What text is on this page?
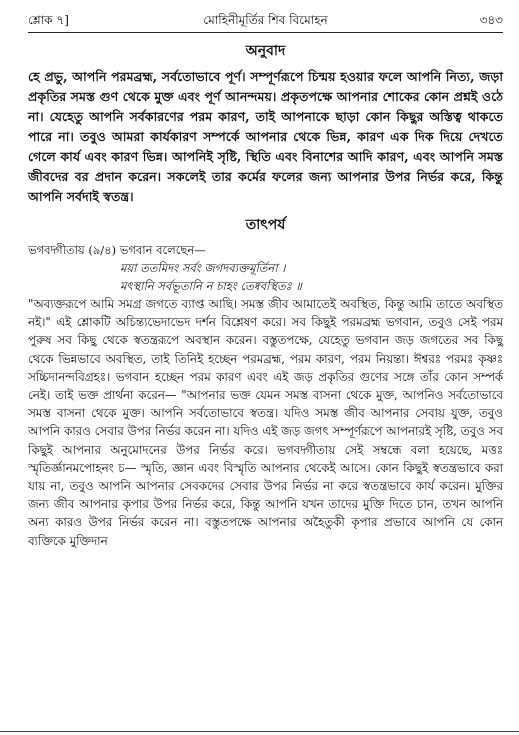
শ্লোক ৭]	মোহিনীমূর্তির শিব বিমোহন	৩৪৩
অনুবাদ

হে প্রভু, আপনি পরমব্রহ্ম, সর্বতোভাবে পূর্ণ। সম্পূর্ণরূপে চিন্ময় হওয়ার ফলে আপনি নিত্য, জড়া প্রকৃতির সমস্ত গুণ থেকে মুক্ত এবং পূর্ণ আনন্দময়। প্রকৃতপক্ষে আপনার শোকের কোন প্রশ্নই ওঠে না। যেহেতু আপনি সর্বকারণের পরম কারণ, তাই আপনাকে ছাড়া কোন কিছুর অস্তিত্ব থাকতে পারে না। তবুও আমরা কার্যকারণ সম্পর্কে আপনার থেকে ভিন্ন, কারণ এক দিক দিয়ে দেখতে গেলে কার্য এবং কারণ ভিন্ন। আপনিই সৃষ্টি, স্থিতি এবং বিনাশের আদি কারণ, এবং আপনি সমস্ত জীবদের বর প্রদান করেন। সকলেই তার কর্মের ফলের জন্য আপনার উপর নির্ভর করে, কিন্তু আপনি সর্বদাই স্বতন্ত্র।

তাৎপর্য
ভগবদ্গীতায় (৯/৪) ভগবান বলেছেন—
ময়া ততমিদং সর্বং জগদব্যক্তমূর্তিনা ।
মৎস্থানি সর্বভূতানি ন চাহং তেষ্ববস্থিতঃ ॥

"অব্যক্তরূপে আমি সমগ্র জগতে ব্যাপ্ত আছি। সমস্ত জীব আমাতেই অবস্থিত, কিন্তু আমি তাতে অবস্থিত নই।" এই শ্লোকটি অচিন্ত্যভেদাভেদ দর্শন বিশ্লেষণ করে। সব কিছুই পরমব্রহ্ম ভগবান, তবুও সেই পরম পুরুষ সব কিছু থেকে স্বতন্ত্ররূপে অবস্থান করেন। বস্তুতপক্ষে, যেহেতু ভগবান জড় জগতের সব কিছু থেকে ভিন্নভাবে অবস্থিত, তাই তিনিই হচ্ছেন পরমব্রহ্ম, পরম কারণ, পরম নিয়ন্তা। ঈশ্বরঃ পরমঃ কৃষ্ণঃ সচ্চিদানন্দবিগ্রহঃ। ভগবান হচ্ছেন পরম কারণ এবং এই জড় প্রকৃতির গুণের সঙ্গে তাঁর কোন সম্পর্ক নেই। তাই ভক্ত প্রার্থনা করেন— "আপনার ভক্ত যেমন সমস্ত বাসনা থেকে মুক্ত, আপনিও সর্বতোভাবে সমস্ত বাসনা থেকে মুক্ত। আপনি সর্বতোভাবে স্বতন্ত্র। যদিও সমস্ত জীব আপনার সেবায় যুক্ত, তবুও আপনি কারও সেবার উপর নির্ভর করেন না। যদিও এই জড় জগৎ সম্পূর্ণরূপে আপনারই সৃষ্টি, তবুও সব কিছুই আপনার অনুমোদনের উপর নির্ভর করে। ভগবদ্গীতায় সেই সম্বন্ধে বলা হয়েছে, মত্তঃ স্মৃতির্জ্ঞানমপোহনং চ— স্মৃতি, জ্ঞান এবং বিস্মৃতি আপনার থেকেই আসে। কোন কিছুই স্বতন্ত্রভাবে করা যায় না, তবুও আপনি আপনার সেবকদের সেবার উপর নির্ভর না করে স্বতন্ত্রভাবে কার্য করেন। মুক্তির জন্য জীব আপনার কৃপার উপর নির্ভর করে, কিন্তু আপনি যখন তাদের মুক্তি দিতে চান, তখন আপনি অন্য কারও উপর নির্ভর করেন না। বস্তুতপক্ষে আপনার অহৈতুকী কৃপার প্রভাবে আপনি যে কোন ব্যক্তিকে মুক্তিদান
